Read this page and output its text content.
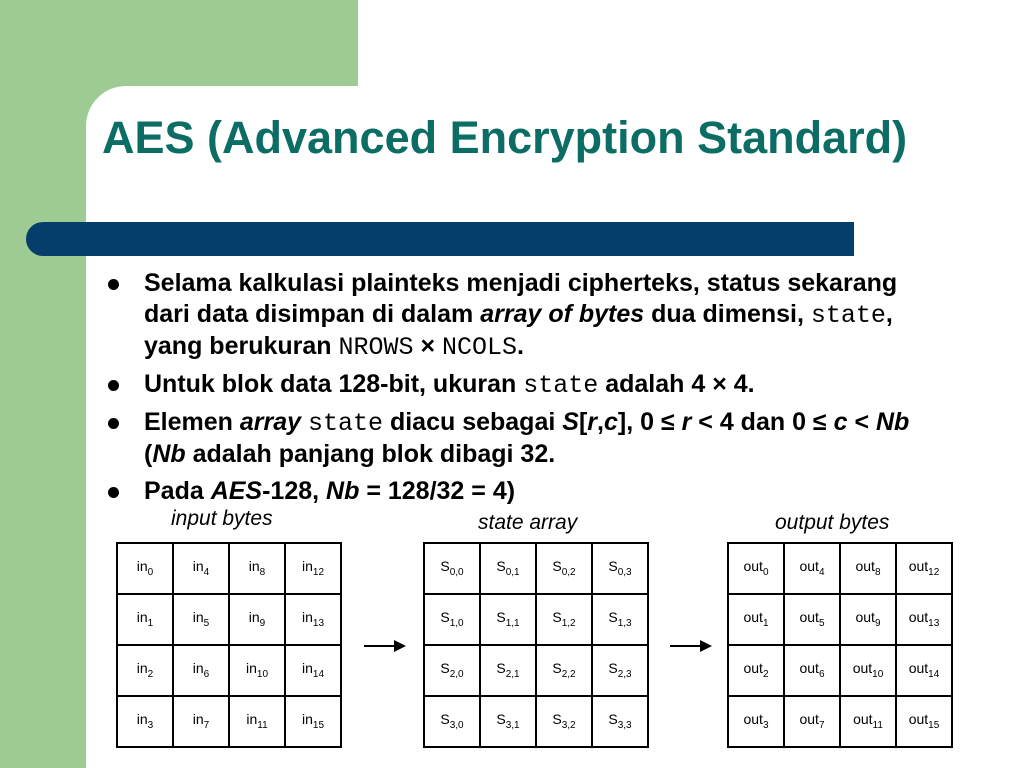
AES (Advanced Encryption Standard)
Selama kalkulasi plainteks menjadi cipherteks, status sekarang dari data disimpan di dalam array of bytes dua dimensi, state, yang berukuran NROWS × NCOLS.
Untuk blok data 128-bit, ukuran state adalah 4 × 4.
Elemen array state diacu sebagai S[r,c], 0 ≤ r < 4 dan 0 ≤ c < Nb (Nb adalah panjang blok dibagi 32.
Pada AES-128, Nb = 128/32 = 4)
input bytes	state array	output bytes
$in_0$	$in_4$	$in_8$	$in_{12}$
$in_1$	$in_5$	$in_9$	$in_{13}$
$in_2$	$in_6$	$in_{10}$	$in_{14}$
$in_3$	$in_7$	$in_{11}$	$in_{15}$
$S_{0,0}$	$S_{0,1}$	$S_{0,2}$	$S_{0,3}$
$S_{1,0}$	$S_{1,1}$	$S_{1,2}$	$S_{1,3}$
$S_{2,0}$	$S_{2,1}$	$S_{2,2}$	$S_{2,3}$
$S_{3,0}$	$S_{3,1}$	$S_{3,2}$	$S_{3,3}$
out$_0$	out$_4$	out$_8$	out$_{12}$
out$_1$	out$_5$	out$_9$	out$_{13}$
out$_2$	out$_6$	out$_{10}$	out$_{14}$
out$_3$	out$_7$	out$_{11}$	out$_{15}$
